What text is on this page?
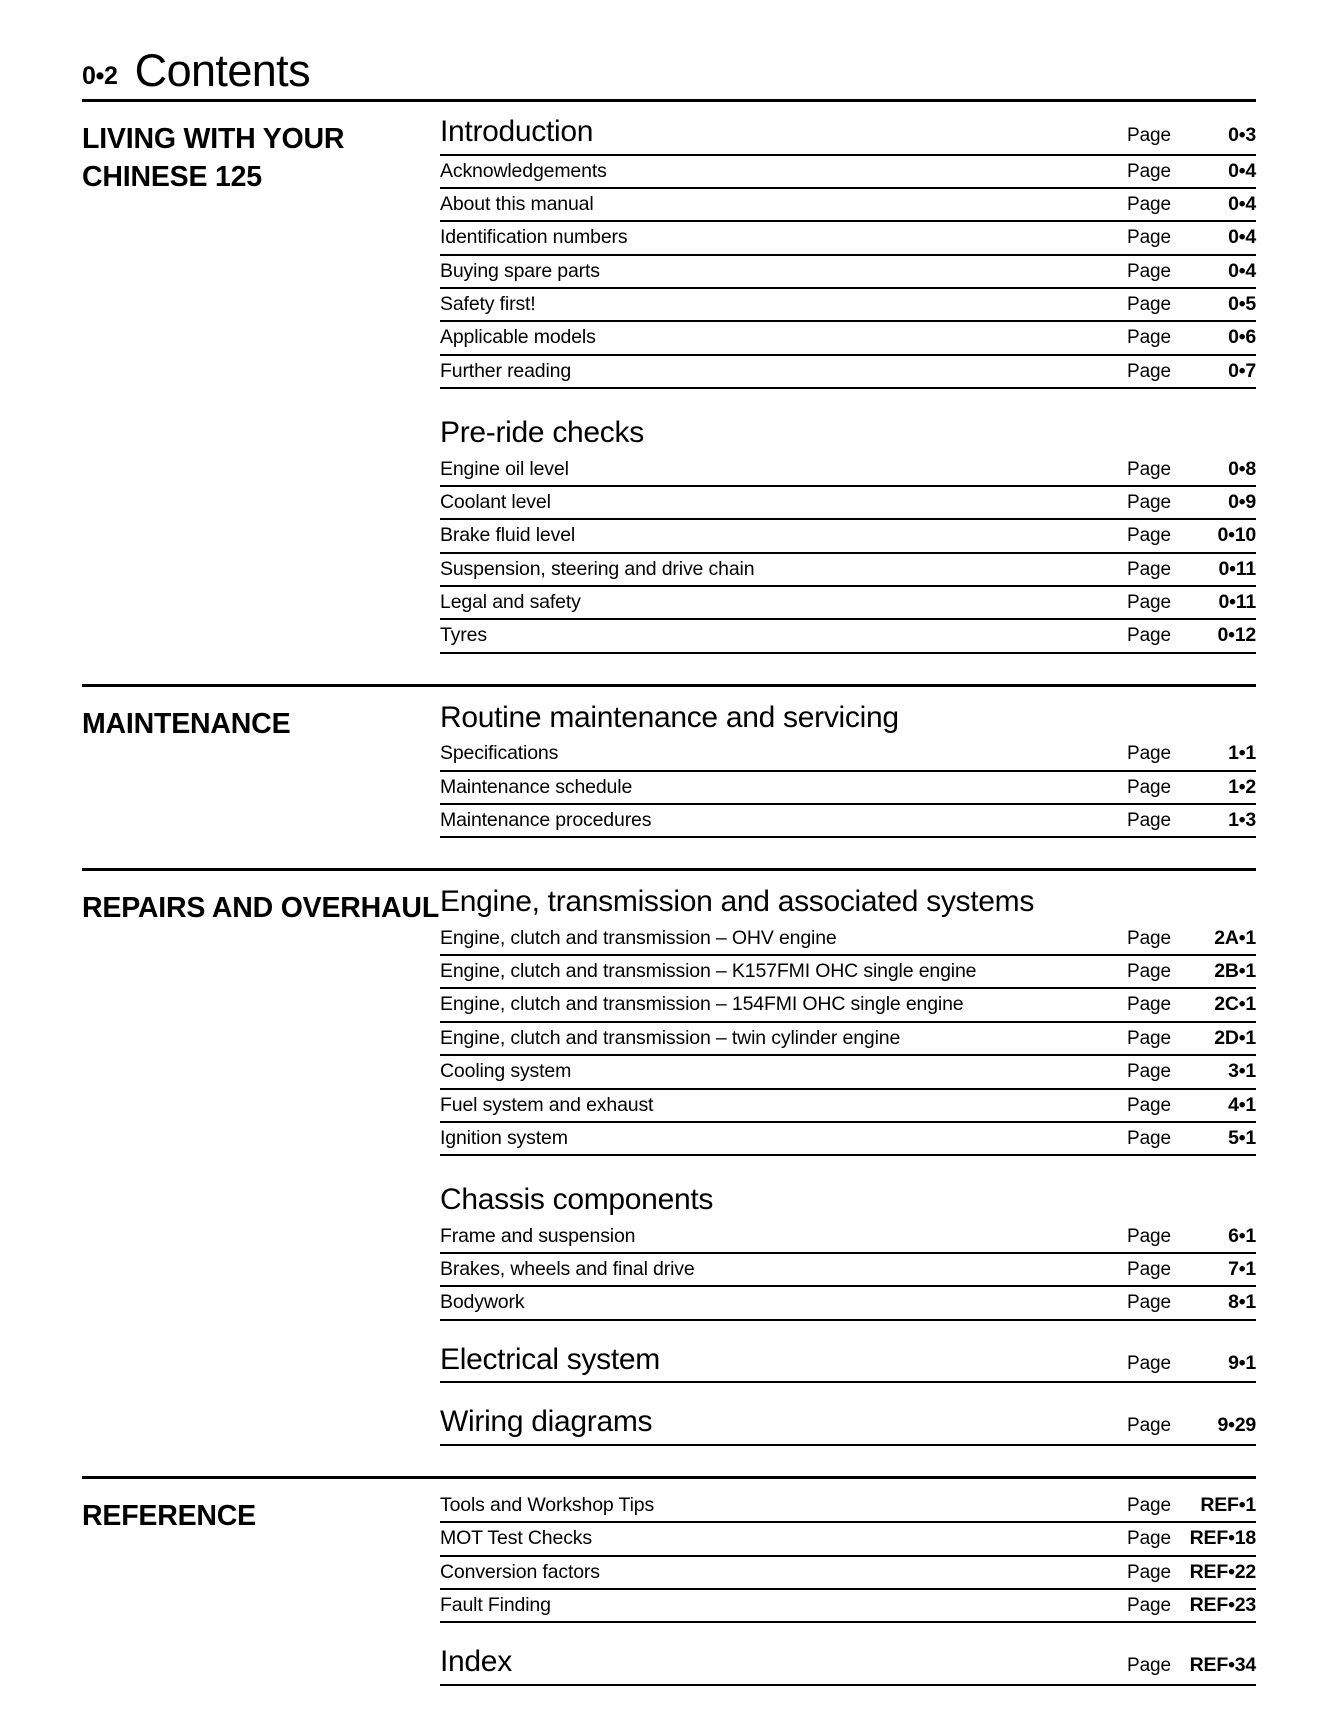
0•2 Contents
LIVING WITH YOUR CHINESE 125
Introduction	Page	0•3
Acknowledgements	Page	0•4
About this manual	Page	0•4
Identification numbers	Page	0•4
Buying spare parts	Page	0•4
Safety first!	Page	0•5
Applicable models	Page	0•6
Further reading	Page	0•7
Pre-ride checks
Engine oil level	Page	0•8
Coolant level	Page	0•9
Brake fluid level	Page	0•10
Suspension, steering and drive chain	Page	0•11
Legal and safety	Page	0•11
Tyres	Page	0•12
MAINTENANCE	Routine maintenance and servicing
Specifications	Page	1•1
Maintenance schedule	Page	1•2
Maintenance procedures	Page	1•3
REPAIRS AND OVERHAUL Engine, transmission and associated systems
Engine, clutch and transmission – OHV engine	Page	2A•1
Engine, clutch and transmission – K157FMI OHC single engine	Page	2B•1
Engine, clutch and transmission – 154FMI OHC single engine	Page	2C•1
Engine, clutch and transmission – twin cylinder engine	Page	2D•1
Cooling system	Page	3•1
Fuel system and exhaust	Page	4•1
Ignition system	Page	5•1
Chassis components
Frame and suspension	Page	6•1
Brakes, wheels and final drive	Page	7•1
Bodywork	Page	8•1
Electrical system	Page	9•1
Wiring diagrams	Page	9•29
REFERENCE	Tools and Workshop Tips	Page	REF•1
MOT Test Checks	Page REF•18
Conversion factors	Page REF•22
Fault Finding	Page REF•23
Index	Page REF•34
